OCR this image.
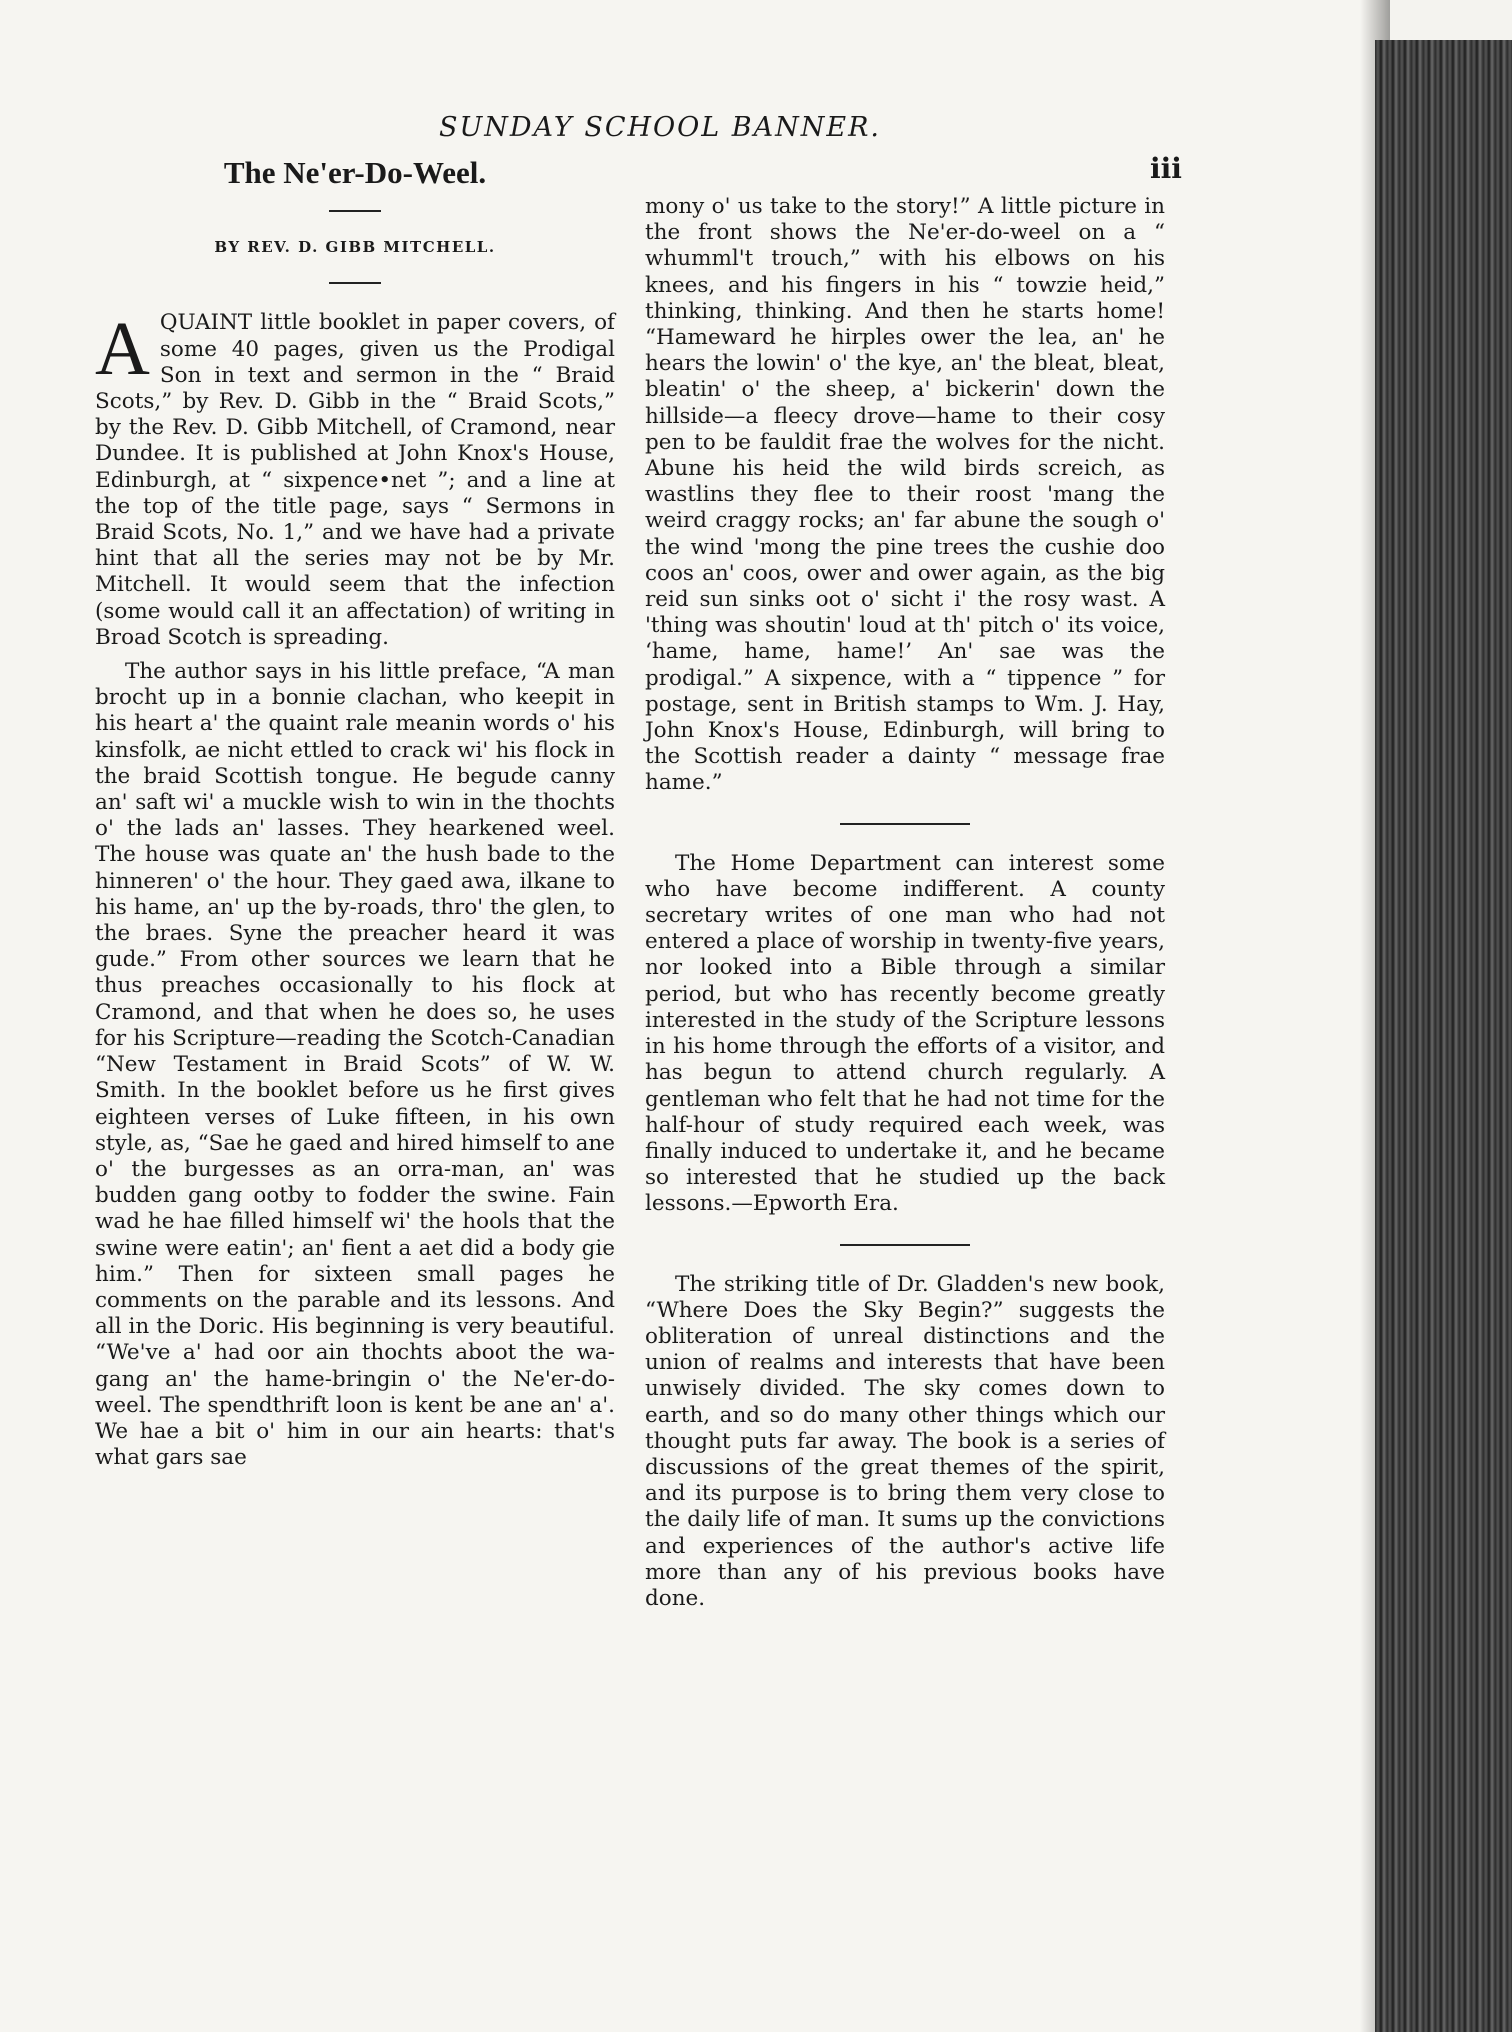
SUNDAY SCHOOL BANNER.
iii
The Ne'er-Do-Weel.
BY REV. D. GIBB MITCHELL.

AQUAINT little booklet in paper covers, of some 40 pages, given us the Prodigal Son in text and sermon in the “ Braid Scots,” by Rev. D. Gibb in the “ Braid Scots,” by the Rev. D. Gibb Mitchell, of Cramond, near Dundee. It is published at John Knox's House, Edinburgh, at “ sixpence•net ”; and a line at the top of the title page, says “ Sermons in Braid Scots, No. 1,” and we have had a private hint that all the series may not be by Mr. Mitchell. It would seem that the infection (some would call it an affectation) of writing in Broad Scotch is spreading.

The author says in his little preface, “A man brocht up in a bonnie clachan, who keepit in his heart a' the quaint rale meanin words o' his kinsfolk, ae nicht ettled to crack wi' his flock in the braid Scottish tongue. He begude canny an' saft wi' a muckle wish to win in the thochts o' the lads an' lasses. They hearkened weel. The house was quate an' the hush bade to the hinneren' o' the hour. They gaed awa, ilkane to his hame, an' up the by-roads, thro' the glen, to the braes. Syne the preacher heard it was gude.” From other sources we learn that he thus preaches occasionally to his flock at Cramond, and that when he does so, he uses for his Scripture—reading the Scotch-Canadian “New Testament in Braid Scots” of W. W. Smith. In the booklet before us he first gives eighteen verses of Luke fifteen, in his own style, as, “Sae he gaed and hired himself to ane o' the burgesses as an orra-man, an' was budden gang ootby to fodder the swine. Fain wad he hae filled himself wi' the hools that the swine were eatin'; an' fient a aet did a body gie him.” Then for sixteen small pages he comments on the parable and its lessons. And all in the Doric. His beginning is very beautiful. “We've a' had oor ain thochts aboot the wa-gang an' the hame-bringin o' the Ne'er-do-weel. The spendthrift loon is kent be ane an' a'. We hae a bit o' him in our ain hearts: that's what gars sae

mony o' us take to the story!” A little picture in the front shows the Ne'er-do-weel on a “ whumml't trouch,” with his elbows on his knees, and his fingers in his “ towzie heid,” thinking, thinking. And then he starts home! “Hameward he hirples ower the lea, an' he hears the lowin' o' the kye, an' the bleat, bleat, bleatin' o' the sheep, a' bickerin' down the hillside—a fleecy drove—hame to their cosy pen to be fauldit frae the wolves for the nicht. Abune his heid the wild birds screich, as wastlins they flee to their roost 'mang the weird craggy rocks; an' far abune the sough o' the wind 'mong the pine trees the cushie doo coos an' coos, ower and ower again, as the big reid sun sinks oot o' sicht i' the rosy wast. A 'thing was shoutin' loud at th' pitch o' its voice, ‘hame, hame, hame!’ An' sae was the prodigal.” A sixpence, with a “ tippence ” for postage, sent in British stamps to Wm. J. Hay, John Knox's House, Edinburgh, will bring to the Scottish reader a dainty “ message frae hame.”

The Home Department can interest some who have become indifferent. A county secretary writes of one man who had not entered a place of worship in twenty-five years, nor looked into a Bible through a similar period, but who has recently become greatly interested in the study of the Scripture lessons in his home through the efforts of a visitor, and has begun to attend church regularly. A gentleman who felt that he had not time for the half-hour of study required each week, was finally induced to undertake it, and he became so interested that he studied up the back lessons.—Epworth Era.

The striking title of Dr. Gladden's new book, “Where Does the Sky Begin?” suggests the obliteration of unreal distinctions and the union of realms and interests that have been unwisely divided. The sky comes down to earth, and so do many other things which our thought puts far away. The book is a series of discussions of the great themes of the spirit, and its purpose is to bring them very close to the daily life of man. It sums up the convictions and experiences of the author's active life more than any of his previous books have done.
